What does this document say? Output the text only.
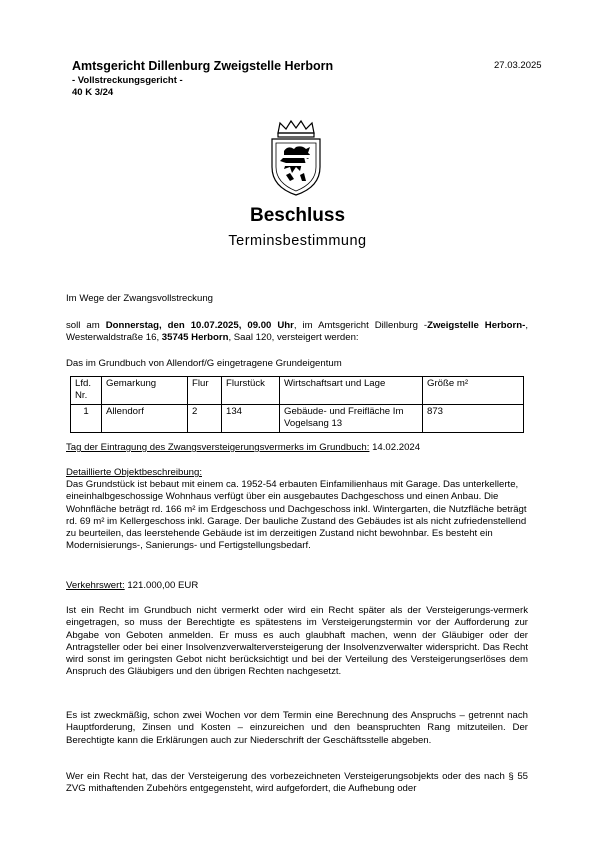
Amtsgericht Dillenburg Zweigstelle Herborn
- Vollstreckungsgericht -
40 K 3/24
27.03.2025
Beschluss
Terminsbestimmung
Im Wege der Zwangsvollstreckung
soll am Donnerstag, den 10.07.2025, 09.00 Uhr, im Amtsgericht Dillenburg -Zweigstelle Herborn-, Westerwaldstraße 16, 35745 Herborn, Saal 120, versteigert werden:
Das im Grundbuch von Allendorf/G eingetragene Grundeigentum
Lfd. Nr.	Gemarkung	Flur	Flurstück	Wirtschaftsart und Lage	Größe m²
1	Allendorf	2	134	Gebäude- und Freifläche Im Vogelsang 13	873
Tag der Eintragung des Zwangsversteigerungsvermerks im Grundbuch: 14.02.2024
Detaillierte Objektbeschreibung:
Das Grundstück ist bebaut mit einem ca. 1952-54 erbauten Einfamilienhaus mit Garage. Das unterkellerte, eineinhalbgeschossige Wohnhaus verfügt über ein ausgebautes Dachgeschoss und einen Anbau. Die Wohnfläche beträgt rd. 166 m² im Erdgeschoss und Dachgeschoss inkl. Wintergarten, die Nutzfläche beträgt rd. 69 m² im Kellergeschoss inkl. Garage. Der bauliche Zustand des Gebäudes ist als nicht zufriedenstellend zu beurteilen, das leerstehende Gebäude ist im derzeitigen Zustand nicht bewohnbar. Es besteht ein Modernisierungs-, Sanierungs- und Fertigstellungsbedarf.
Verkehrswert: 121.000,00 EUR
Ist ein Recht im Grundbuch nicht vermerkt oder wird ein Recht später als der Versteigerungs-vermerk eingetragen, so muss der Berechtigte es spätestens im Versteigerungstermin vor der Aufforderung zur Abgabe von Geboten anmelden. Er muss es auch glaubhaft machen, wenn der Gläubiger oder der Antragsteller oder bei einer Insolvenzverwalterversteigerung der Insolvenzverwalter widerspricht. Das Recht wird sonst im geringsten Gebot nicht berücksichtigt und bei der Verteilung des Versteigerungserlöses dem Anspruch des Gläubigers und den übrigen Rechten nachgesetzt.
Es ist zweckmäßig, schon zwei Wochen vor dem Termin eine Berechnung des Anspruchs – getrennt nach Hauptforderung, Zinsen und Kosten – einzureichen und den beanspruchten Rang mitzuteilen. Der Berechtigte kann die Erklärungen auch zur Niederschrift der Geschäftsstelle abgeben.
Wer ein Recht hat, das der Versteigerung des vorbezeichneten Versteigerungsobjekts oder des nach § 55 ZVG mithaftenden Zubehörs entgegensteht, wird aufgefordert, die Aufhebung oder
